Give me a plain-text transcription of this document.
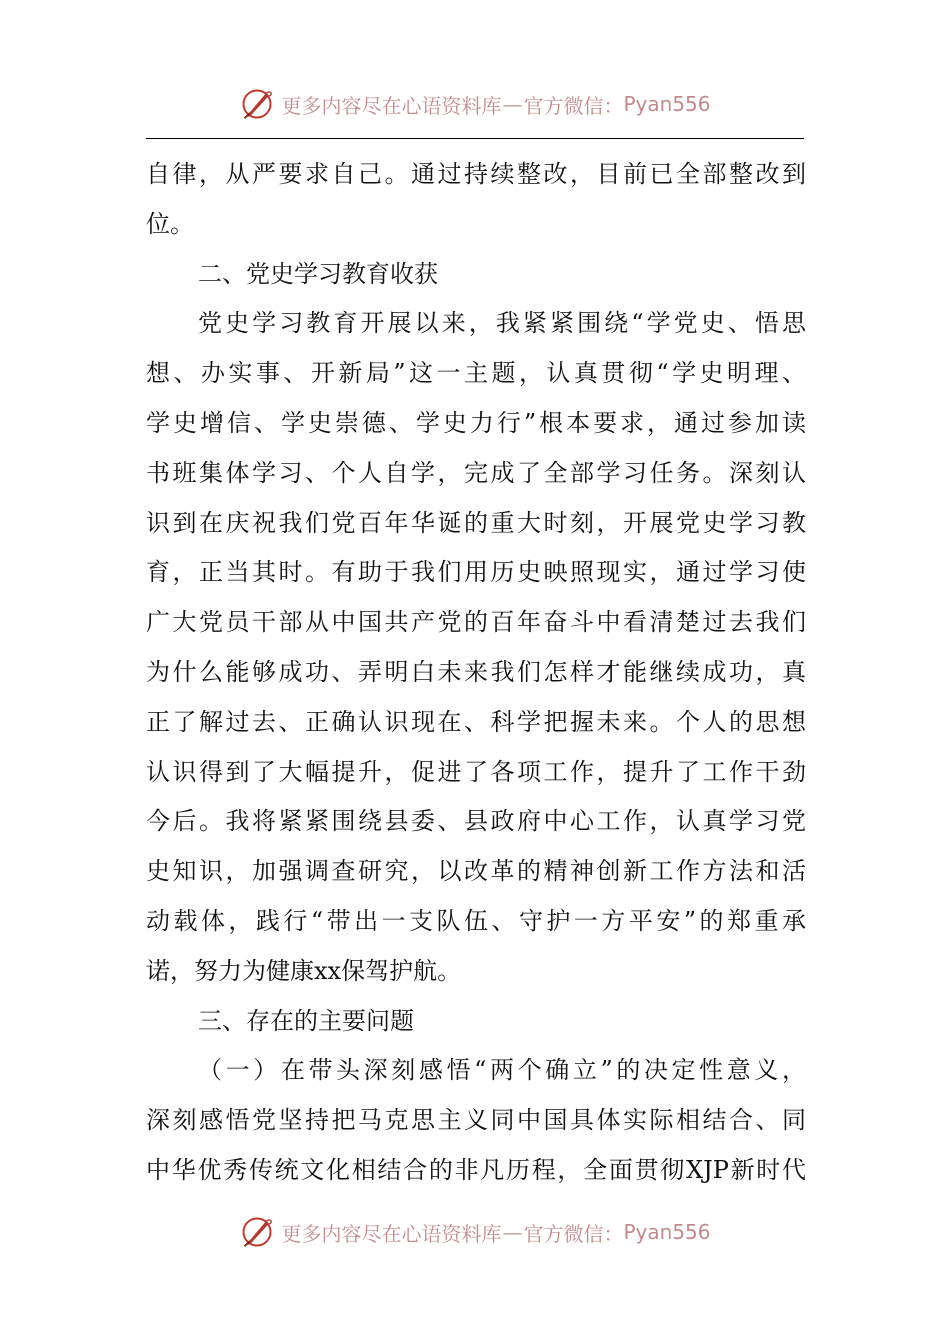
更多内容尽在心语资料库 — 官方微信： Pyan556
自律，从严要求自己。通过持续整改，目前已全部整改到
位。
二、党史学习教育收获
党史学习教育开展以来，我紧紧围绕“学党史、悟思
想、办实事、开新局”这一主题，认真贯彻“学史明理、
学史增信、学史崇德、学史力行”根本要求，通过参加读
书班集体学习、个人自学，完成了全部学习任务。深刻认
识到在庆祝我们党百年华诞的重大时刻，开展党史学习教
育，正当其时。有助于我们用历史映照现实，通过学习使
广大党员干部从中国共产党的百年奋斗中看清楚过去我们
为什么能够成功、弄明白未来我们怎样才能继续成功，真
正了解过去、正确认识现在、科学把握未来。个人的思想
认识得到了大幅提升，促进了各项工作，提升了工作干劲
今后。我将紧紧围绕县委、县政府中心工作，认真学习党
史知识，加强调查研究，以改革的精神创新工作方法和活
动载体，践行“带出一支队伍、守护一方平安”的郑重承
诺，努力为健康xx保驾护航。
三、存在的主要问题
（一）在带头深刻感悟“两个确立”的决定性意义，
深刻感悟党坚持把马克思主义同中国具体实际相结合、同
中华优秀传统文化相结合的非凡历程，全面贯彻XJP新时代
更多内容尽在心语资料库 — 官方微信： Pyan556
